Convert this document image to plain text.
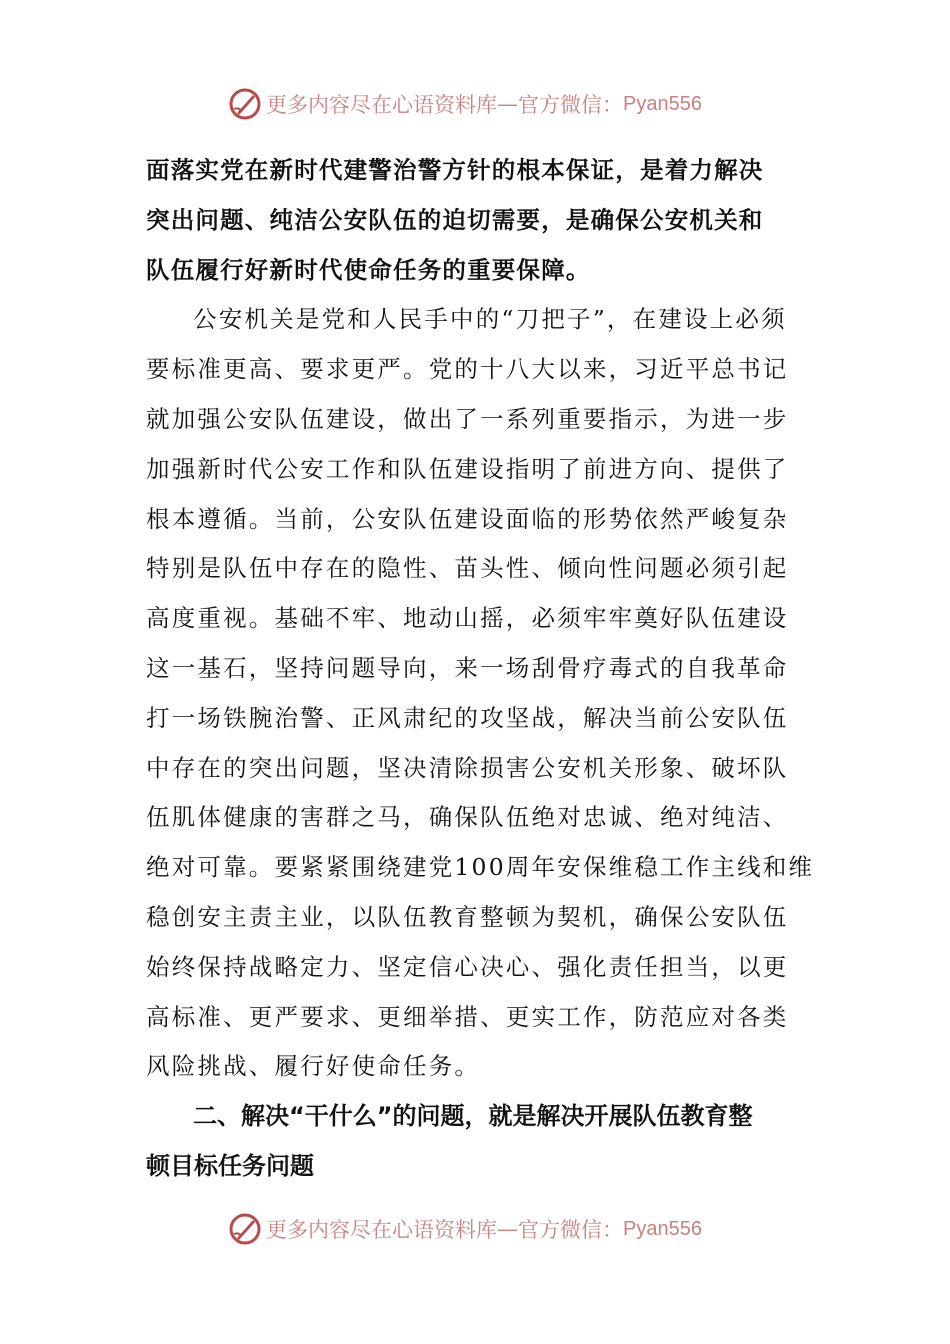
更多内容尽在心语资料库 — 官方微信： Pyan556
面落实党在新时代建警治警方针的根本保证，是着力解决
突出问题、纯洁公安队伍的迫切需要，是确保公安机关和
队伍履行好新时代使命任务的重要保障。
公安机关是党和人民手中的“刀把子”，在建设上必须
要标准更高、要求更严。党的十八大以来，习近平总书记
就加强公安队伍建设，做出了一系列重要指示，为进一步
加强新时代公安工作和队伍建设指明了前进方向、提供了
根本遵循。当前，公安队伍建设面临的形势依然严峻复杂
特别是队伍中存在的隐性、苗头性、倾向性问题必须引起
高度重视。基础不牢、地动山摇，必须牢牢奠好队伍建设
这一基石，坚持问题导向，来一场刮骨疗毒式的自我革命
打一场铁腕治警、正风肃纪的攻坚战，解决当前公安队伍
中存在的突出问题，坚决清除损害公安机关形象、破坏队
伍肌体健康的害群之马，确保队伍绝对忠诚、绝对纯洁、
绝对可靠。要紧紧围绕建党100周年安保维稳工作主线和维
稳创安主责主业，以队伍教育整顿为契机，确保公安队伍
始终保持战略定力、坚定信心决心、强化责任担当，以更
高标准、更严要求、更细举措、更实工作，防范应对各类
风险挑战、履行好使命任务。
二、解决“干什么”的问题，就是解决开展队伍教育整
顿目标任务问题
更多内容尽在心语资料库 — 官方微信： Pyan556
